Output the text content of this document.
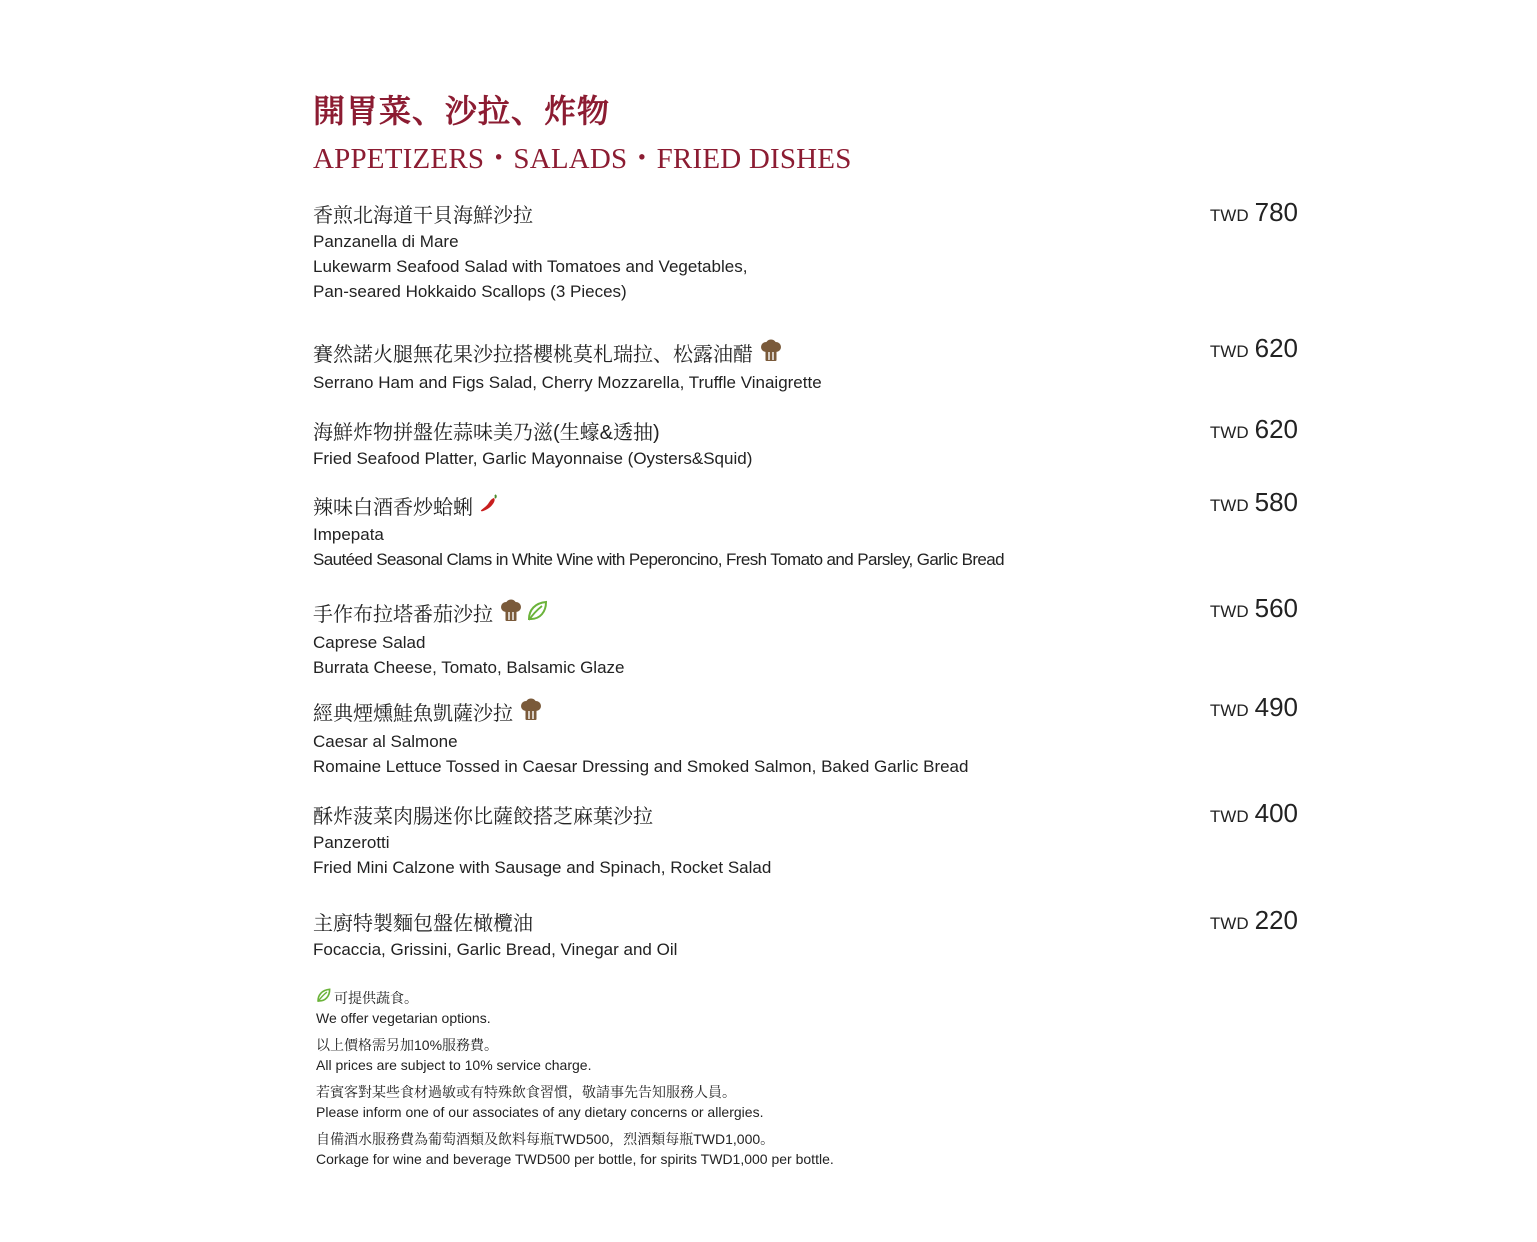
開胃菜、沙拉、炸物
APPETIZERS・SALADS・FRIED DISHES
香煎北海道干貝海鮮沙拉
Panzanella di Mare
Lukewarm Seafood Salad with Tomatoes and Vegetables,
Pan-seared Hokkaido Scallops (3 Pieces)
TWD 780
賽然諾火腿無花果沙拉搭櫻桃莫札瑞拉、松露油醋
Serrano Ham and Figs Salad, Cherry Mozzarella, Truffle Vinaigrette
TWD 620
海鮮炸物拼盤佐蒜味美乃滋(生蠔&透抽)
Fried Seafood Platter, Garlic Mayonnaise (Oysters&Squid)
TWD 620
辣味白酒香炒蛤蜊
Impepata
Sautéed Seasonal Clams in White Wine with Peperoncino, Fresh Tomato and Parsley, Garlic Bread
TWD 580
手作布拉塔番茄沙拉
Caprese Salad
Burrata Cheese, Tomato, Balsamic Glaze
TWD 560
經典煙燻鮭魚凱薩沙拉
Caesar al Salmone
Romaine Lettuce Tossed in Caesar Dressing and Smoked Salmon, Baked Garlic Bread
TWD 490
酥炸菠菜肉腸迷你比薩餃搭芝麻葉沙拉
Panzerotti
Fried Mini Calzone with Sausage and Spinach, Rocket Salad
TWD 400
主廚特製麵包盤佐橄欖油
Focaccia, Grissini, Garlic Bread, Vinegar and Oil
TWD 220
可提供蔬食。
We offer vegetarian options.
以上價格需另加10%服務費。
All prices are subject to 10% service charge.
若賓客對某些食材過敏或有特殊飲食習慣，敬請事先告知服務人員。
Please inform one of our associates of any dietary concerns or allergies.
自備酒水服務費為葡萄酒類及飲料每瓶TWD500，烈酒類每瓶TWD1,000。
Corkage for wine and beverage TWD500 per bottle, for spirits TWD1,000 per bottle.
